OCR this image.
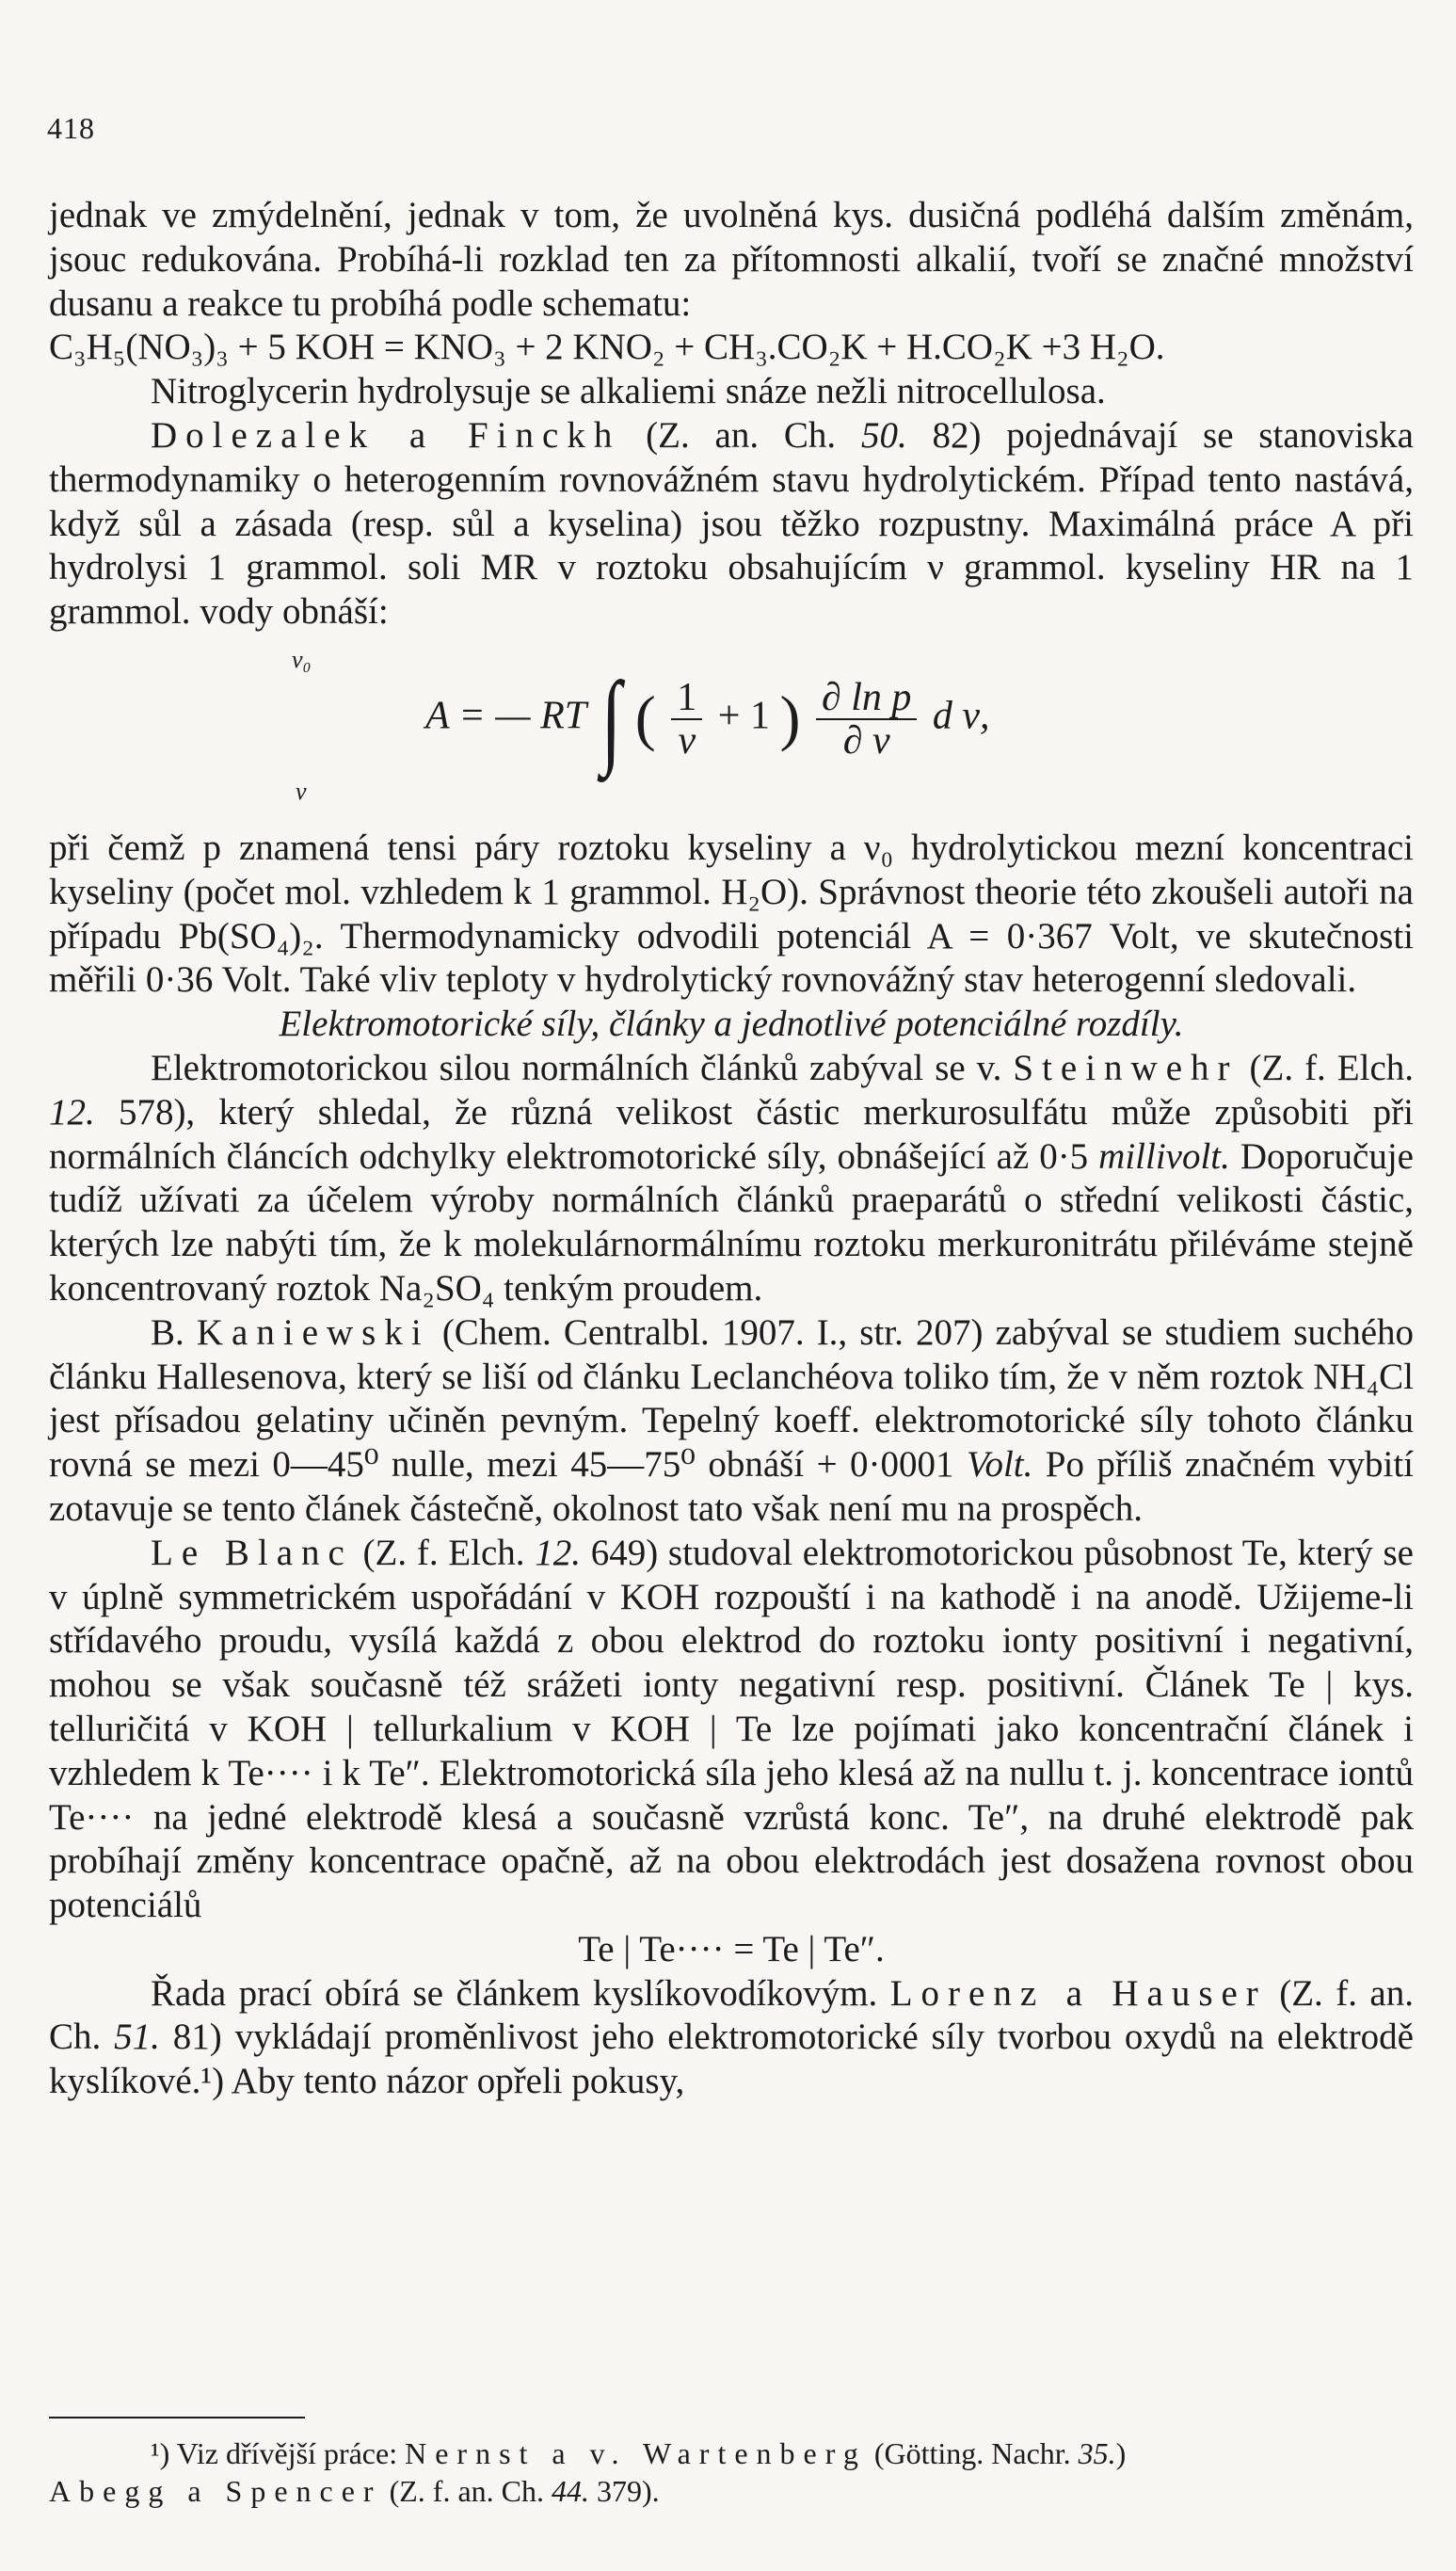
418

jednak ve zmýdelnění, jednak v tom, že uvolněná kys. dusičná podléhá dalším změnám, jsouc redukována. Probíhá-li rozklad ten za přítomnosti alkalií, tvoří se značné množství dusanu a reakce tu probíhá podle schematu:

C₃H₅(NO₃)₃ + 5 KOH = KNO₃ + 2 KNO₂ + CH₃.CO₂K + H.CO₂K +3 H₂O.

Nitroglycerin hydrolysuje se alkaliemi snáze nežli nitrocellulosa.

Dolezalek a Finckh (Z. an. Ch. 50. 82) pojednávají se stanoviska thermodynamiky o heterogenním rovnovážném stavu hydrolytickém. Případ tento nastává, když sůl a zásada (resp. sůl a kyselina) jsou těžko rozpustny. Maximálná práce A při hydrolysi 1 grammol. soli MR v roztoku obsahujícím ν grammol. kyseliny HR na 1 grammol. vody obnáší:

ν₀
ν
A = — RT ∫ ( $\frac{1}{\nu} + 1$ ) $\frac{\text{∂ ln p}}{\partial \nu}$ d ν,

při čemž p znamená tensi páry roztoku kyseliny a ν₀ hydrolytickou mezní koncentraci kyseliny (počet mol. vzhledem k 1 grammol. H₂O). Správnost theorie této zkoušeli autoři na případu Pb(SO₄)₂. Thermodynamicky odvodili potenciál A = 0·367 Volt, ve skutečnosti měřili 0·36 Volt. Také vliv teploty v hydrolytický rovnovážný stav heterogenní sledovali.

Elektromotorické síly, články a jednotlivé potenciálné rozdíly.

Elektromotorickou silou normálních článků zabýval se v. Steinwehr (Z. f. Elch. 12. 578), který shledal, že různá velikost částic merkurosulfátu může způsobiti při normálních článcích odchylky elektromotorické síly, obnášející až 0·5 millivolt. Doporučuje tudíž užívati za účelem výroby normálních článků praeparátů o střední velikosti částic, kterých lze nabýti tím, že k molekulárnormálnímu roztoku merkuronitrátu přiléváme stejně koncentrovaný roztok Na₂SO₄ tenkým proudem.

B. Kaniewski (Chem. Centralbl. 1907. I., str. 207) zabýval se studiem suchého článku Hallesenova, který se liší od článku Leclanchéova toliko tím, že v něm roztok NH₄Cl jest přísadou gelatiny učiněn pevným. Tepelný koeff. elektromotorické síly tohoto článku rovná se mezi 0—45⁰ nulle, mezi 45—75⁰ obnáší + 0·0001 Volt. Po příliš značném vybití zotavuje se tento článek částečně, okolnost tato však není mu na prospěch.

Le Blanc (Z. f. Elch. 12. 649) studoval elektromotorickou působnost Te, který se v úplně symmetrickém uspořádání v KOH rozpouští i na kathodě i na anodě. Užijeme-li střídavého proudu, vysílá každá z obou elektrod do roztoku ionty positivní i negativní, mohou se však současně též srážeti ionty negativní resp. positivní. Článek Te | kys. telluričitá v KOH | tellurkalium v KOH | Te lze pojímati jako koncentrační článek i vzhledem k Te···· i k Te″. Elektromotorická síla jeho klesá až na nullu t. j. koncentrace iontů Te···· na jedné elektrodě klesá a současně vzrůstá konc. Te″, na druhé elektrodě pak probíhají změny koncentrace opačně, až na obou elektrodách jest dosažena rovnost obou potenciálů

Te | Te···· = Te | Te″.

Řada prací obírá se článkem kyslíkovodíkovým. Lorenz a Hauser (Z. f. an. Ch. 51. 81) vykládají proměnlivost jeho elektromotorické síly tvorbou oxydů na elektrodě kyslíkové.¹) Aby tento názor opřeli pokusy,

¹) Viz dřívější práce: Nernst a v. Wartenberg (Götting. Nachr. 35.)

Abegg a Spencer (Z. f. an. Ch. 44. 379).
